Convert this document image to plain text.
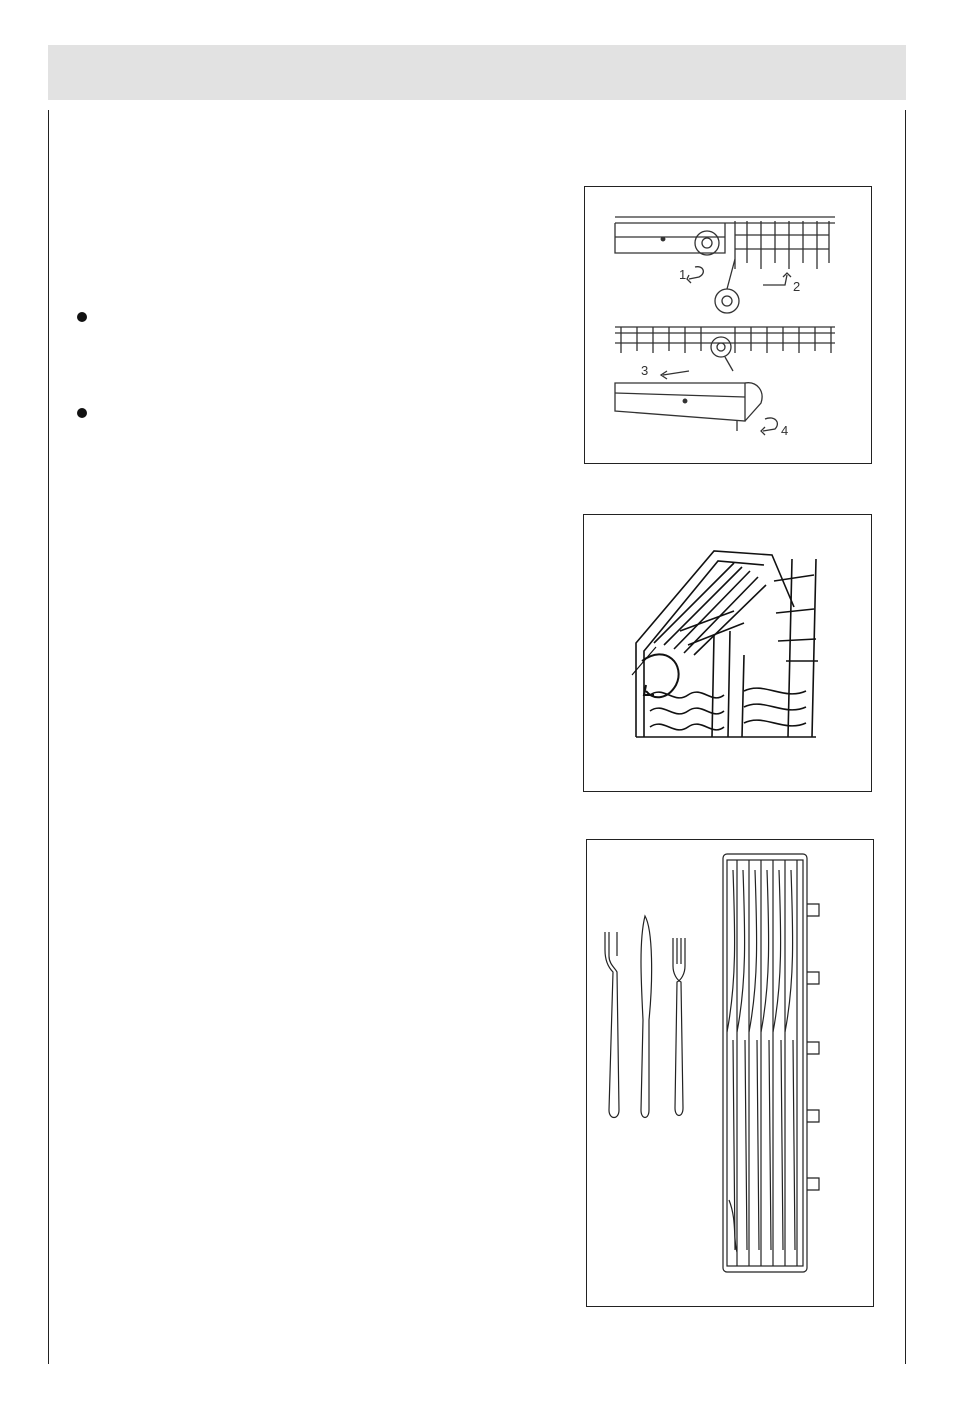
1
2
3
4
